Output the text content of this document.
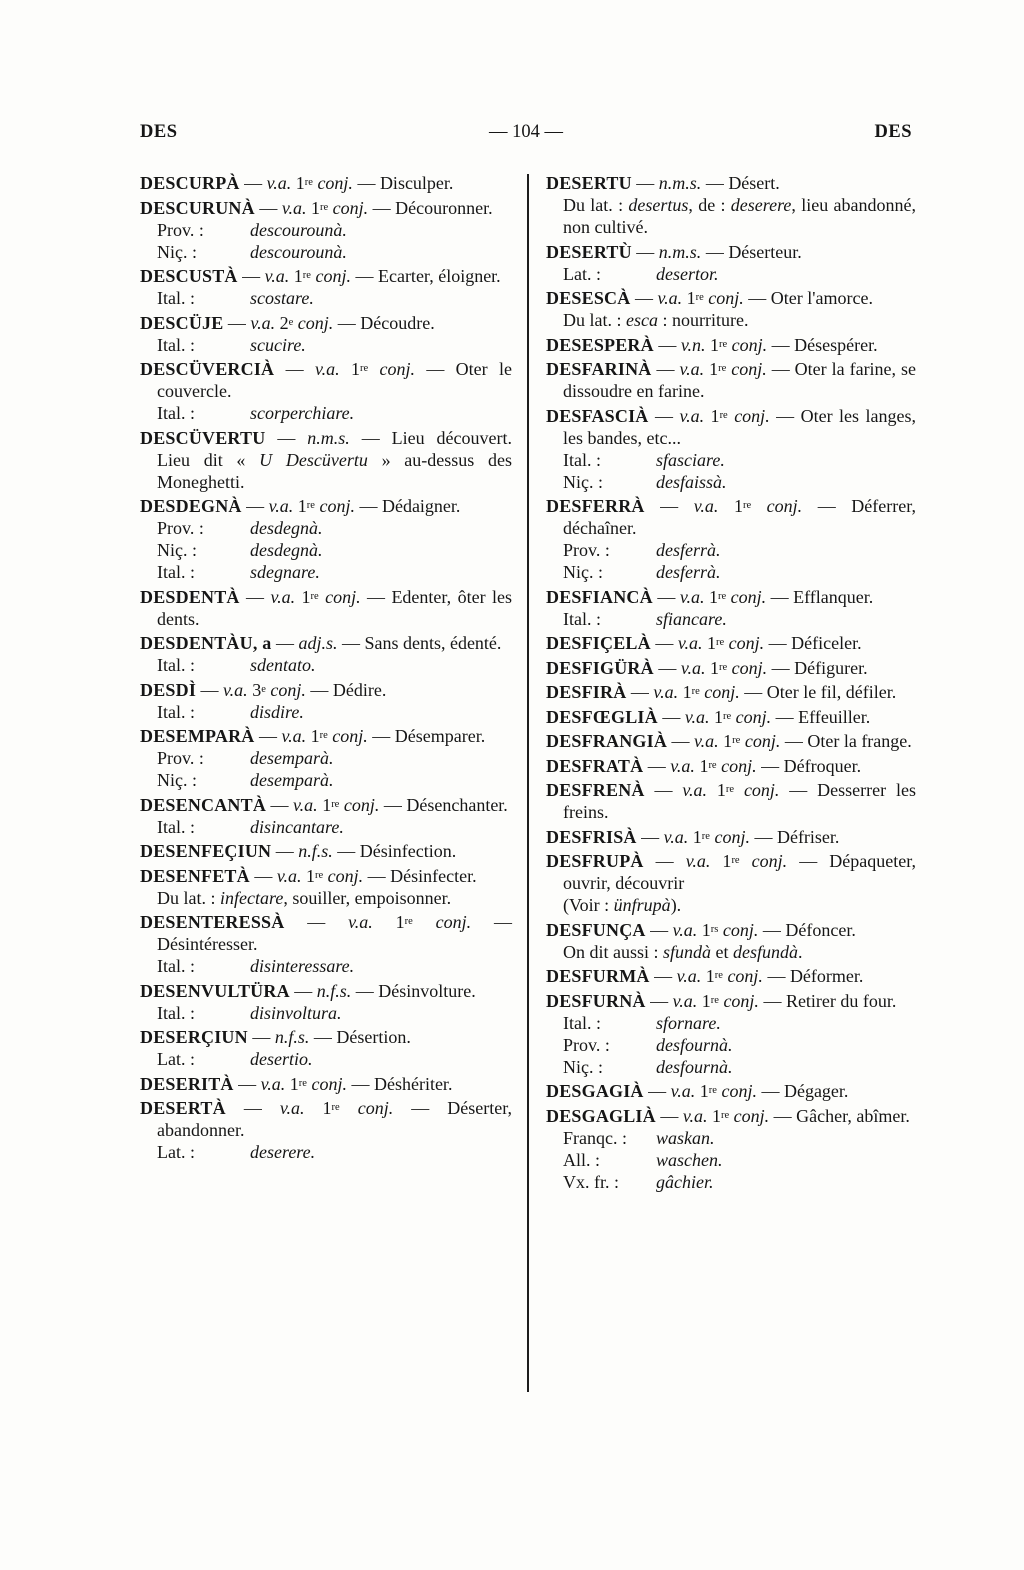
DES	— 104 —	DES
DESCURPÀ — v.a. 1re conj. — Disculper.
DESCURUNÀ — v.a. 1re conj. — Découronner.
Prov. :	descourounà.
Niç. :	descourounà.
DESCUSTÀ — v.a. 1re conj. — Ecarter, éloigner.
Ital. :	scostare.
DESCÜJE — v.a. 2e conj. — Découdre.
Ital. :	scucire.
DESCÜVERCIÀ — v.a. 1re conj. — Oter le couvercle.
Ital. :	scorperchiare.
DESCÜVERTU — n.m.s. — Lieu découvert. Lieu dit « U Descüvertu » au-dessus des Moneghetti.
DESDEGNÀ — v.a. 1re conj. — Dédaigner.
Prov. :	desdegnà.
Niç. :	desdegnà.
Ital. :	sdegnare.
DESDENTÀ — v.a. 1re conj. — Edenter, ôter les dents.
DESDENTÀU, a — adj.s. — Sans dents, édenté.
Ital. :	sdentato.
DESDÌ — v.a. 3e conj. — Dédire.
Ital. :	disdire.
DESEMPARÀ — v.a. 1re conj. — Désemparer.
Prov. :	desemparà.
Niç. :	desemparà.
DESENCANTÀ — v.a. 1re conj. — Désenchanter.
Ital. :	disincantare.
DESENFEÇIUN — n.f.s. — Désinfection.
DESENFETÀ — v.a. 1re conj. — Désinfecter.
Du lat. : infectare, souiller, empoisonner.
DESENTERESSÀ — v.a. 1re conj. — Désintéresser.
Ital. :	disinteressare.
DESENVULTÜRA — n.f.s. — Désinvolture.
Ital. :	disinvoltura.
DESERÇIUN — n.f.s. — Désertion.
Lat. :	desertio.
DESERITÀ — v.a. 1re conj. — Déshériter.
DESERTÀ — v.a. 1re conj. — Déserter, abandonner.
Lat. :	deserere.
DESERTU — n.m.s. — Désert.
Du lat. : desertus, de : deserere, lieu abandonné, non cultivé.
DESERTÙ — n.m.s. — Déserteur.
Lat. :	desertor.
DESESCÀ — v.a. 1re conj. — Oter l'amorce.
Du lat. : esca : nourriture.
DESESPERÀ — v.n. 1re conj. — Désespérer.
DESFARINÀ — v.a. 1re conj. — Oter la farine, se dissoudre en farine.
DESFASCIÀ — v.a. 1re conj. — Oter les langes, les bandes, etc...
Ital. :	sfasciare.
Niç. :	desfaissà.
DESFERRÀ — v.a. 1re conj. — Déferrer, déchaîner.
Prov. :	desferrà.
Niç. :	desferrà.
DESFIANCÀ — v.a. 1re conj. — Efflanquer.
Ital. :	sfiancare.
DESFIÇELÀ — v.a. 1re conj. — Déficeler.
DESFIGÜRÀ — v.a. 1re conj. — Défigurer.
DESFIRÀ — v.a. 1re conj. — Oter le fil, défiler.
DESFŒGLIÀ — v.a. 1re conj. — Effeuiller.
DESFRANGIÀ — v.a. 1re conj. — Oter la frange.
DESFRATÀ — v.a. 1re conj. — Défroquer.
DESFRENÀ — v.a. 1re conj. — Desserrer les freins.
DESFRISÀ — v.a. 1re conj. — Défriser.
DESFRUPÀ — v.a. 1re conj. — Dépaqueter, ouvrir, découvrir
(Voir : ünfrupà).
DESFUNÇA — v.a. $1^{rs}$ conj. — Défoncer.
On dit aussi : sfundà et desfundà.
DESFURMÀ — v.a. 1re conj. — Déformer.
DESFURNÀ — v.a. 1re conj. — Retirer du four.
Ital. :	sfornare.
Prov. :	desfournà.
Niç. :	desfournà.
DESGAGIÀ — v.a. 1re conj. — Dégager.
DESGAGLIÀ — v.a. 1re conj. — Gâcher, abîmer.
Franqc. :	waskan.
All. :	waschen.
Vx. fr. :	gâchier.
